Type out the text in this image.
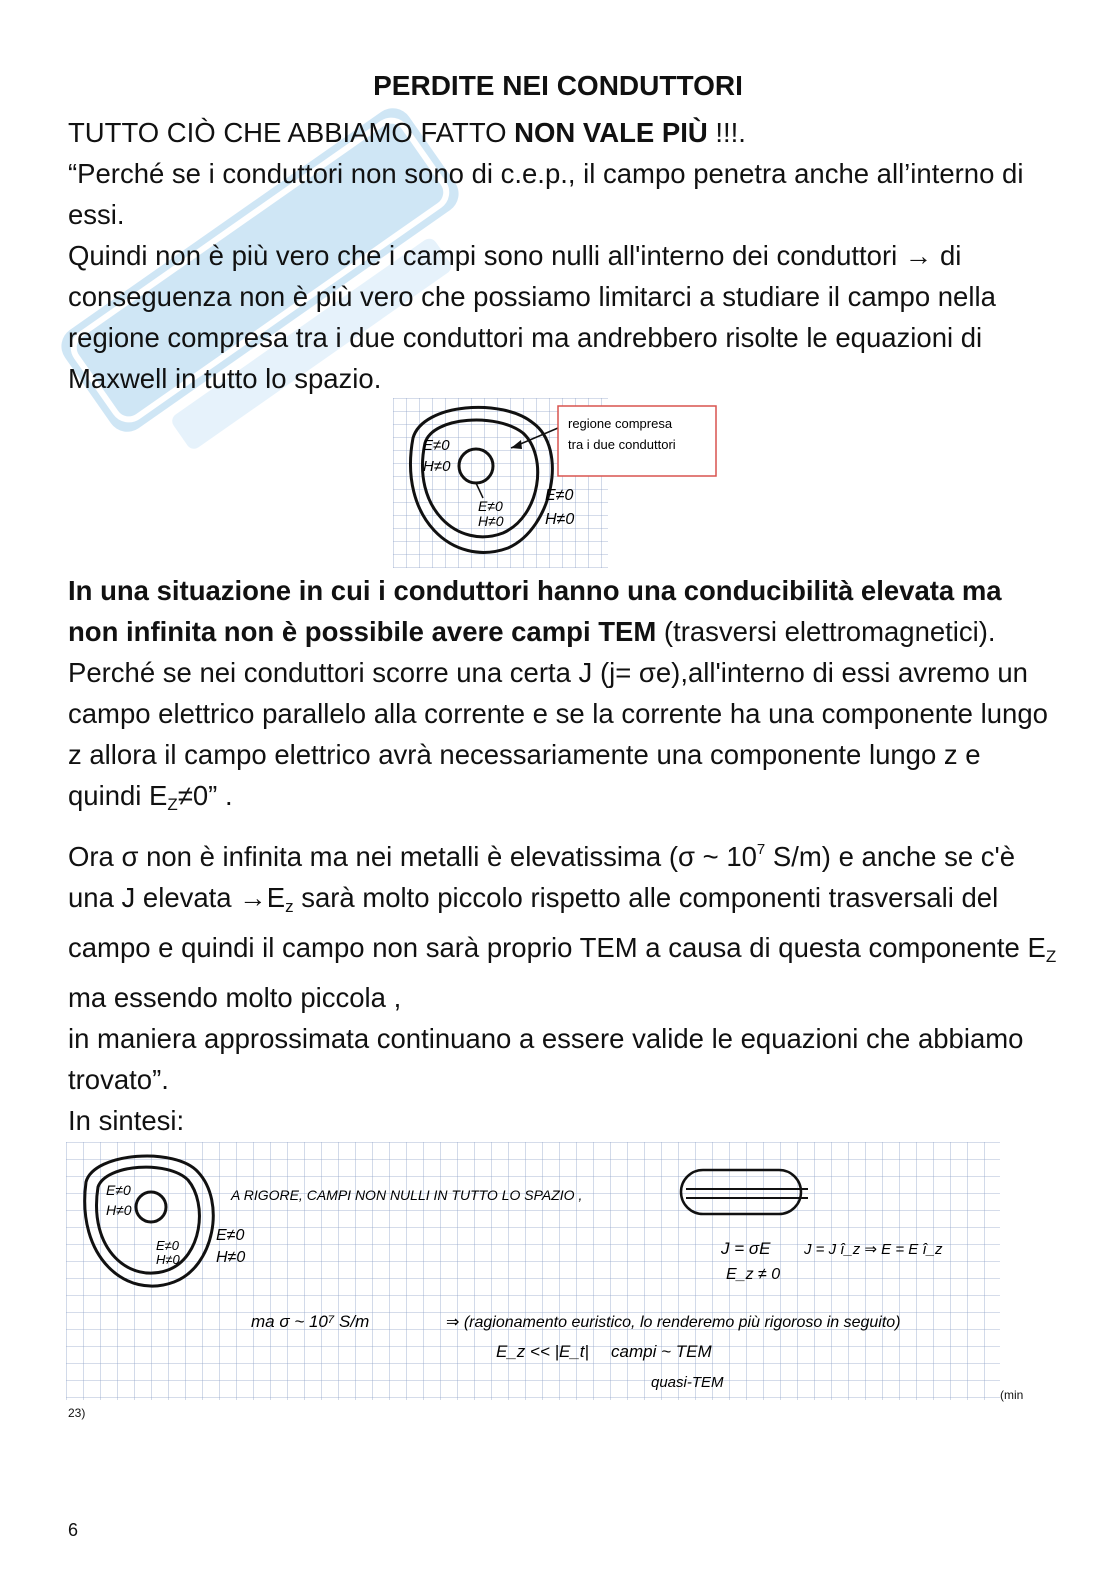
PERDITE NEI CONDUTTORI

TUTTO CIÒ CHE ABBIAMO FATTO NON VALE PIÙ !!!.

“Perché se i conduttori non sono di c.e.p., il campo penetra anche all’interno di essi.

Quindi non è più vero che i campi sono nulli all'interno dei conduttori → di conseguenza non è più vero che possiamo limitarci a studiare il campo nella regione compresa tra i due conduttori ma andrebbero risolte le equazioni di Maxwell in tutto lo spazio.

E≠0
H≠0
E≠0
H≠0
E≠0
H≠0
regione compresa
tra i due conduttori

In una situazione in cui i conduttori hanno una conducibilità elevata ma non infinita non è possibile avere campi TEM (trasversi elettromagnetici).

Perché se nei conduttori scorre una certa J (j= σe),all'interno di essi avremo un campo elettrico parallelo alla corrente e se la corrente ha una componente lungo z allora il campo elettrico avrà necessariamente una componente lungo z e quindi $E_Z\ne 0$” .

Ora σ non è infinita ma nei metalli è elevatissima (σ ~ $10^7$ S/m) e anche se c'è una J elevata $\to E_z$ sarà molto piccolo rispetto alle componenti trasversali del campo e quindi il campo non sarà proprio TEM a causa di questa componente $E_Z$ ma essendo molto piccola ,

in maniera approssimata continuano a essere valide le equazioni che abbiamo trovato”.

In sintesi:

E≠0
H≠0
E≠0
H≠0
E≠0
H≠0
A RIGORE, CAMPI NON NULLI IN TUTTO LO SPAZIO ,
J = σE J = J î_z ⇒ E = E î_z
E_z ≠ 0
ma σ ~ 10⁷ S/m	⇒ (ragionamento euristico, lo renderemo più rigoroso in seguito)
E_z << |E_t| campi ~ TEM
quasi-TEM
(min
23)
6
